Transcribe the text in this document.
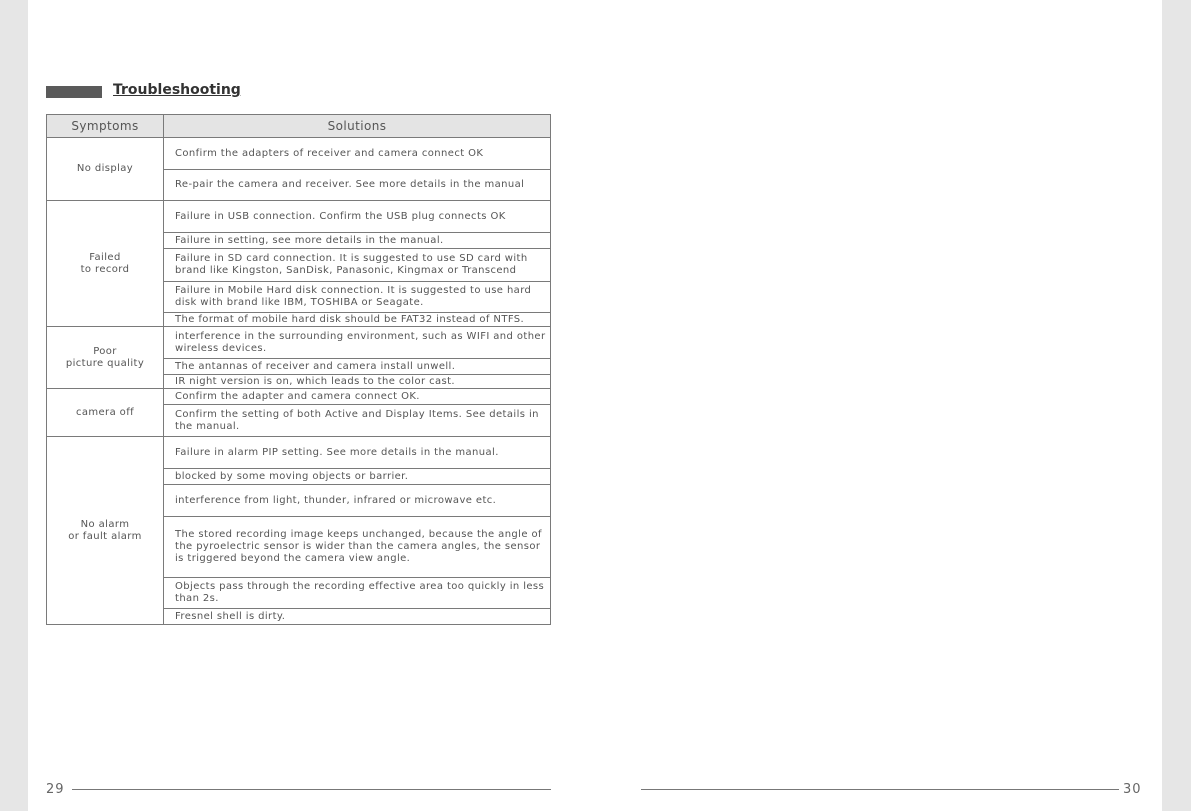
Troubleshooting
Symptoms	Solutions

No display	Confirm the adapters of receiver and camera connect OK
	Re-pair the camera and receiver. See more details in the manual

Failed
to record	Failure in USB connection. Confirm the USB plug connects OK
	Failure in setting, see more details in the manual.
	Failure in SD card connection. It is suggested to use SD card with brand like Kingston, SanDisk, Panasonic, Kingmax or Transcend
	Failure in Mobile Hard disk connection. It is suggested to use hard disk with brand like IBM, TOSHIBA or Seagate.
	The format of mobile hard disk should be FAT32 instead of NTFS.

Poor
picture quality	interference in the surrounding environment, such as WIFI and other wireless devices.
	The antannas of receiver and camera install unwell.
	IR night version is on, which leads to the color cast.

camera off	Confirm the adapter and camera connect OK.
	Confirm the setting of both Active and Display Items. See details in the manual.

No alarm
or fault alarm	Failure in alarm PIP setting. See more details in the manual.
	blocked by some moving objects or barrier.
	interference from light, thunder, infrared or microwave etc.
	The stored recording image keeps unchanged, because the angle of the pyroelectric sensor is wider than the camera angles, the sensor is triggered beyond the camera view angle.
	Objects pass through the recording effective area too quickly in less than 2s.
	Fresnel shell is dirty.
29	30
